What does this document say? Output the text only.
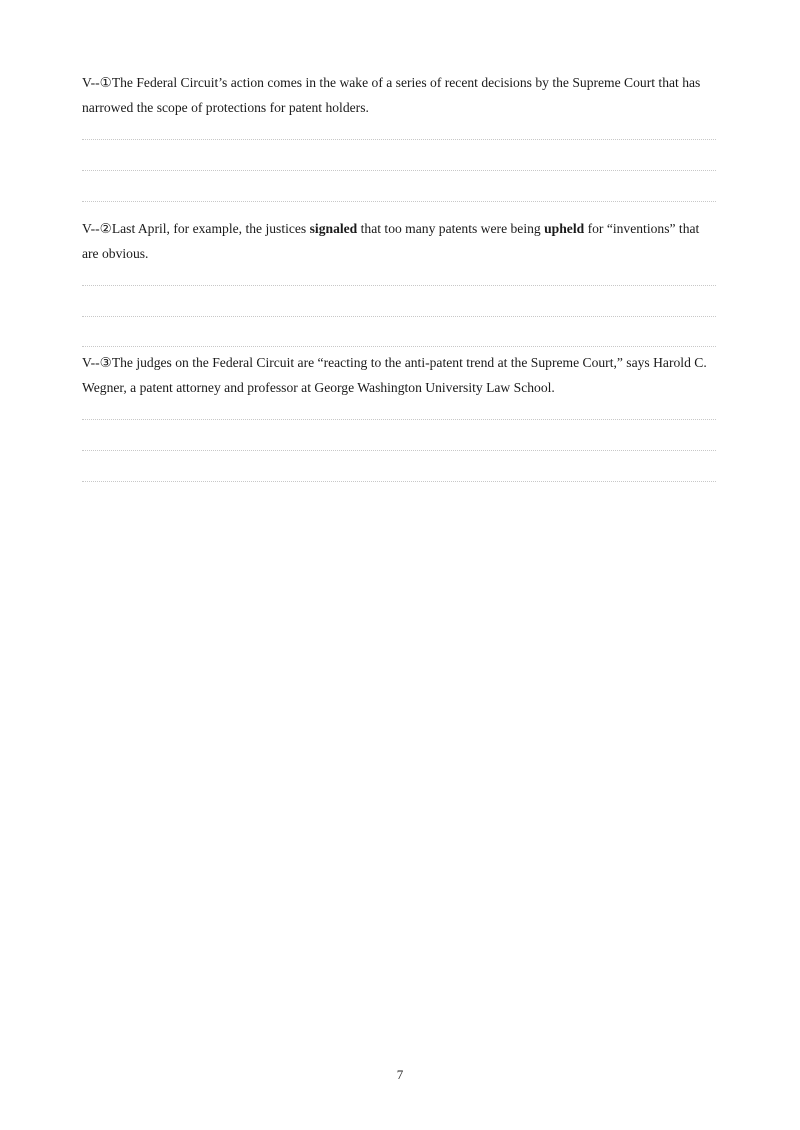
V--①The Federal Circuit’s action comes in the wake of a series of recent decisions by the Supreme Court that has narrowed the scope of protections for patent holders.

V--②Last April, for example, the justices signaled that too many patents were being upheld for “inventions” that are obvious.

V--③The judges on the Federal Circuit are “reacting to the anti-patent trend at the Supreme Court,” says Harold C. Wegner, a patent attorney and professor at George Washington University Law School.

7
